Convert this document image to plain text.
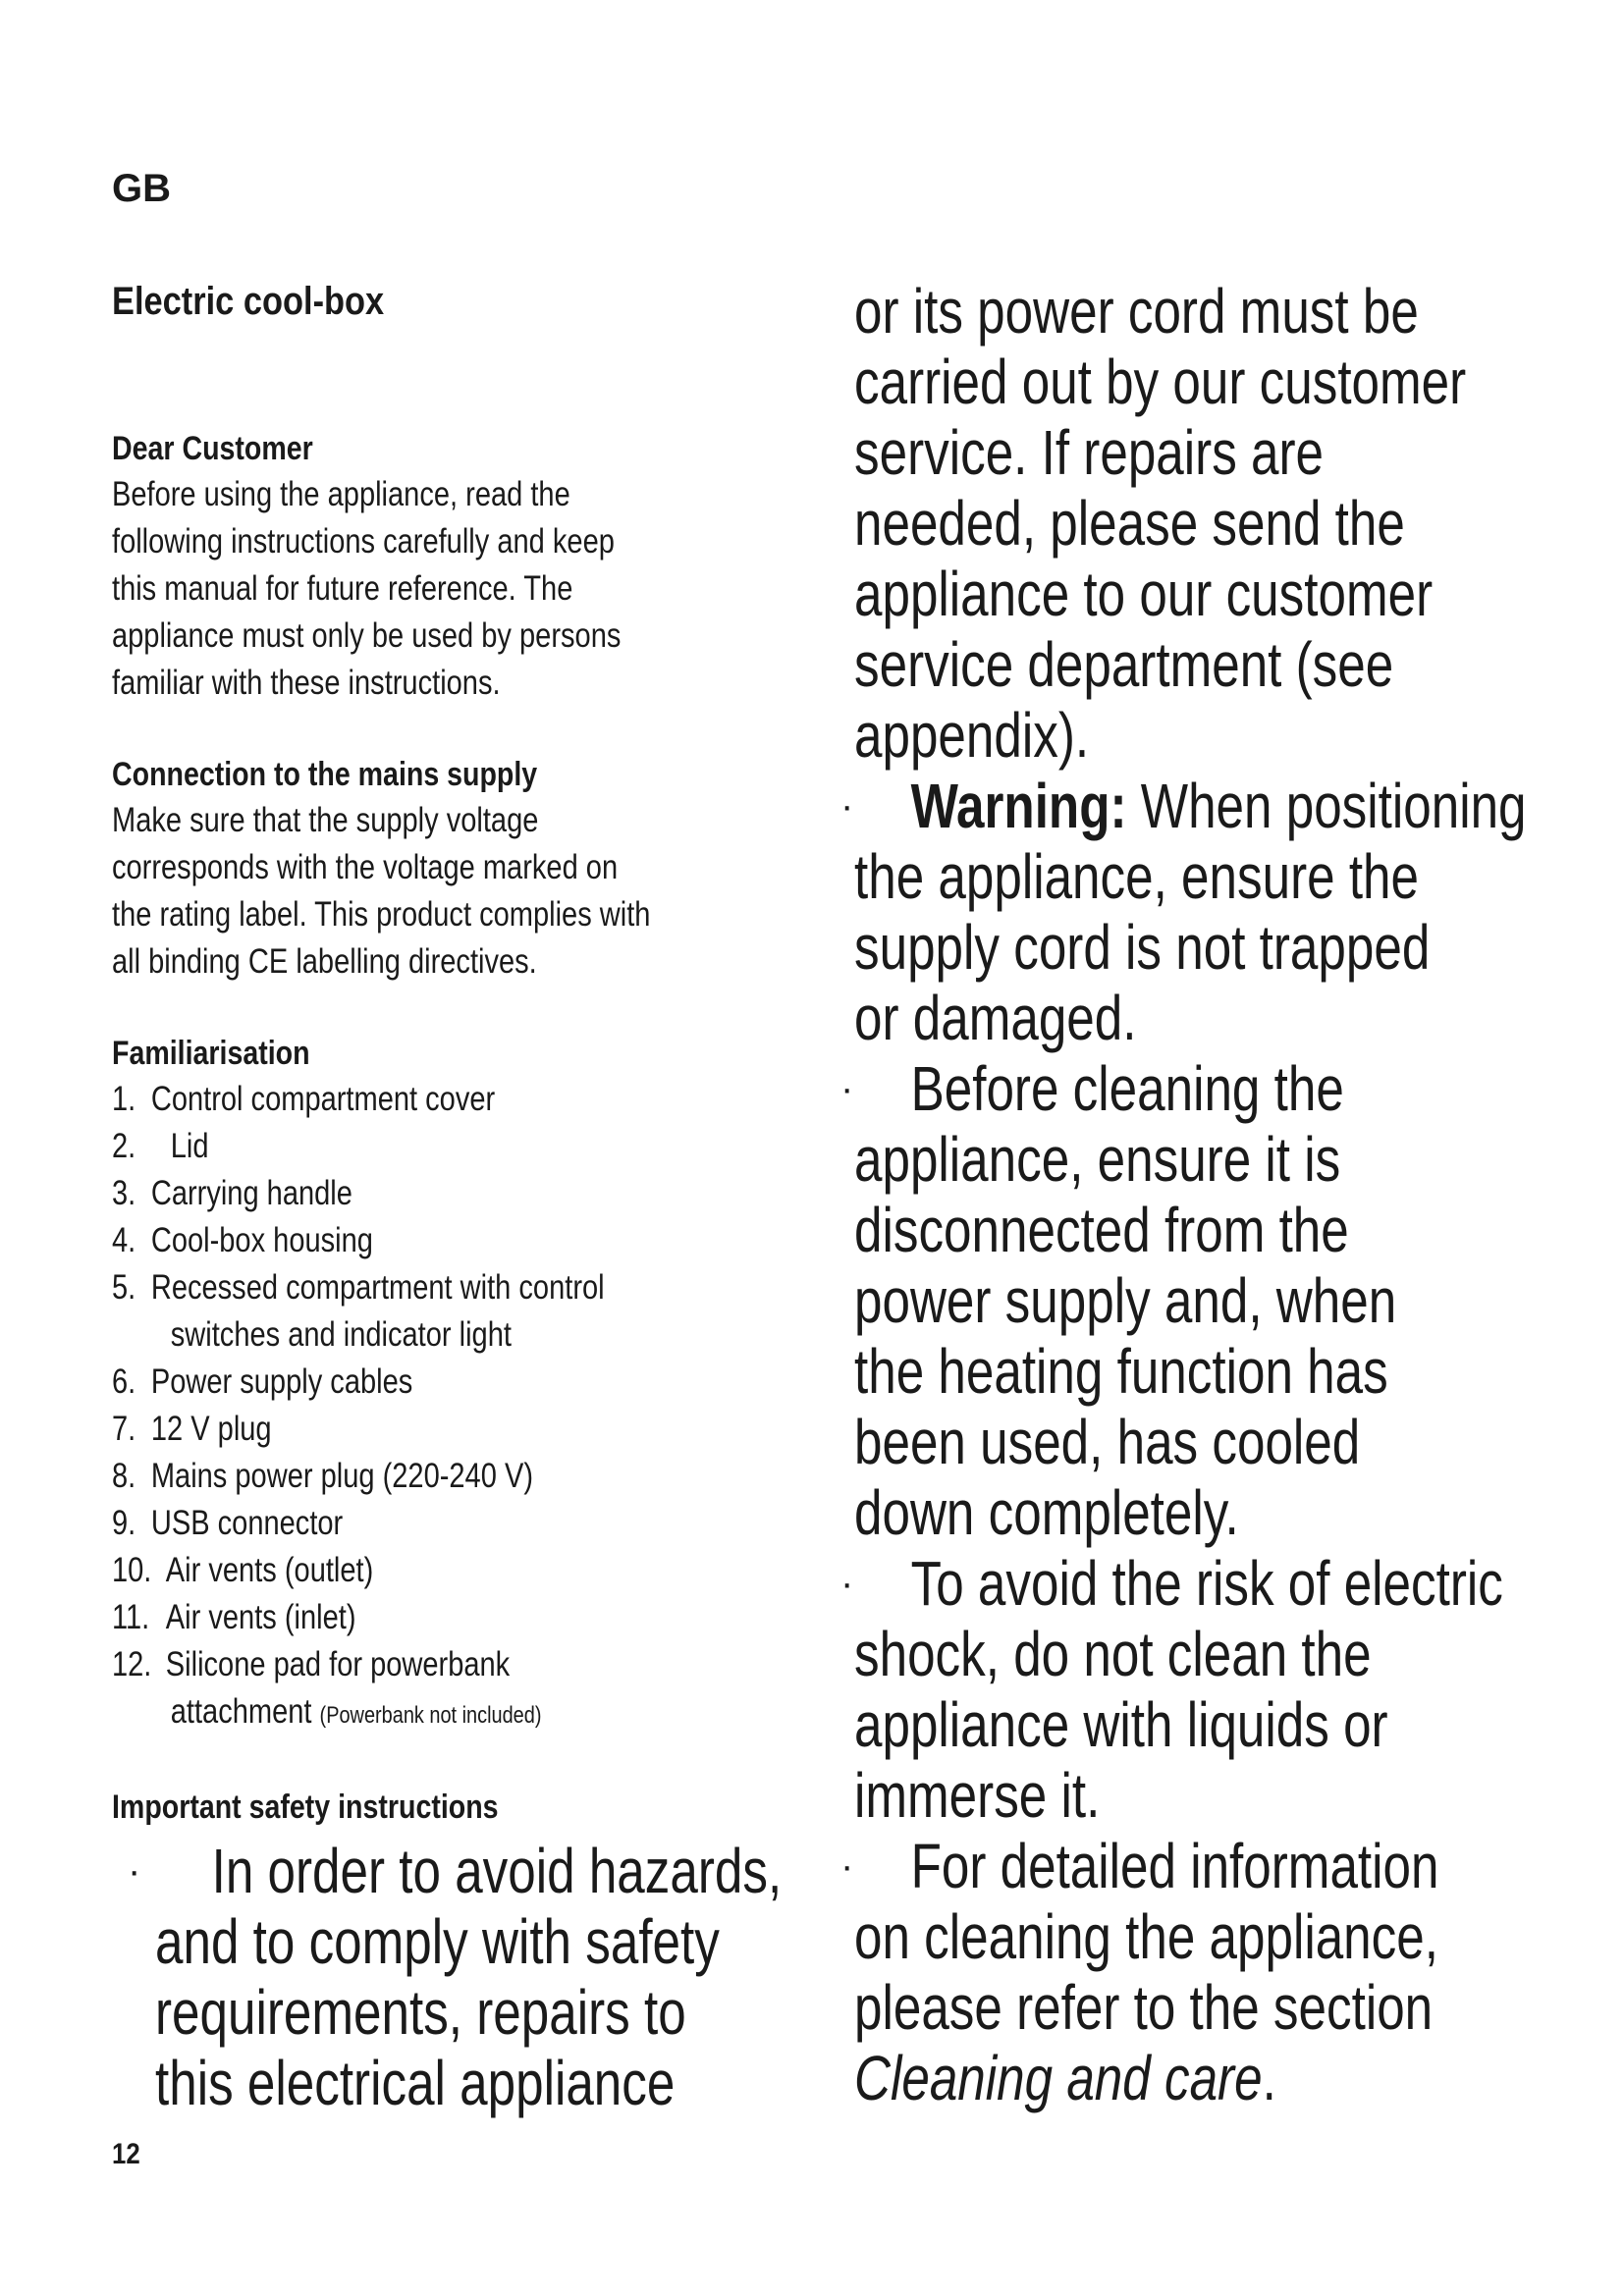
GB
Electric cool-box
Dear Customer
Before using the appliance, read the
following instructions carefully and keep
this manual for future reference. The
appliance must only be used by persons
familiar with these instructions.
Connection to the mains supply
Make sure that the supply voltage
corresponds with the voltage marked on
the rating label. This product complies with
all binding CE labelling directives.
Familiarisation
1. Control compartment cover
2. Lid
3. Carrying handle
4. Cool-box housing
5. Recessed compartment with control
switches and indicator light
6. Power supply cables
7. 12 V plug
8. Mains power plug (220-240 V)
9. USB connector
10. Air vents (outlet)
11. Air vents (inlet)
12. Silicone pad for powerbank
attachment (Powerbank not included)
Important safety instructions
·	In order to avoid hazards,
and to comply with safety
requirements, repairs to
this electrical appliance
or its power cord must be
carried out by our customer
service. If repairs are
needed, please send the
appliance to our customer
service department (see
appendix).
· Warning: When positioning
the appliance, ensure the
supply cord is not trapped
or damaged.
· Before cleaning the
appliance, ensure it is
disconnected from the
power supply and, when
the heating function has
been used, has cooled
down completely.
· To avoid the risk of electric
shock, do not clean the
appliance with liquids or
immerse it.
· For detailed information
on cleaning the appliance,
please refer to the section
Cleaning and care.
12
